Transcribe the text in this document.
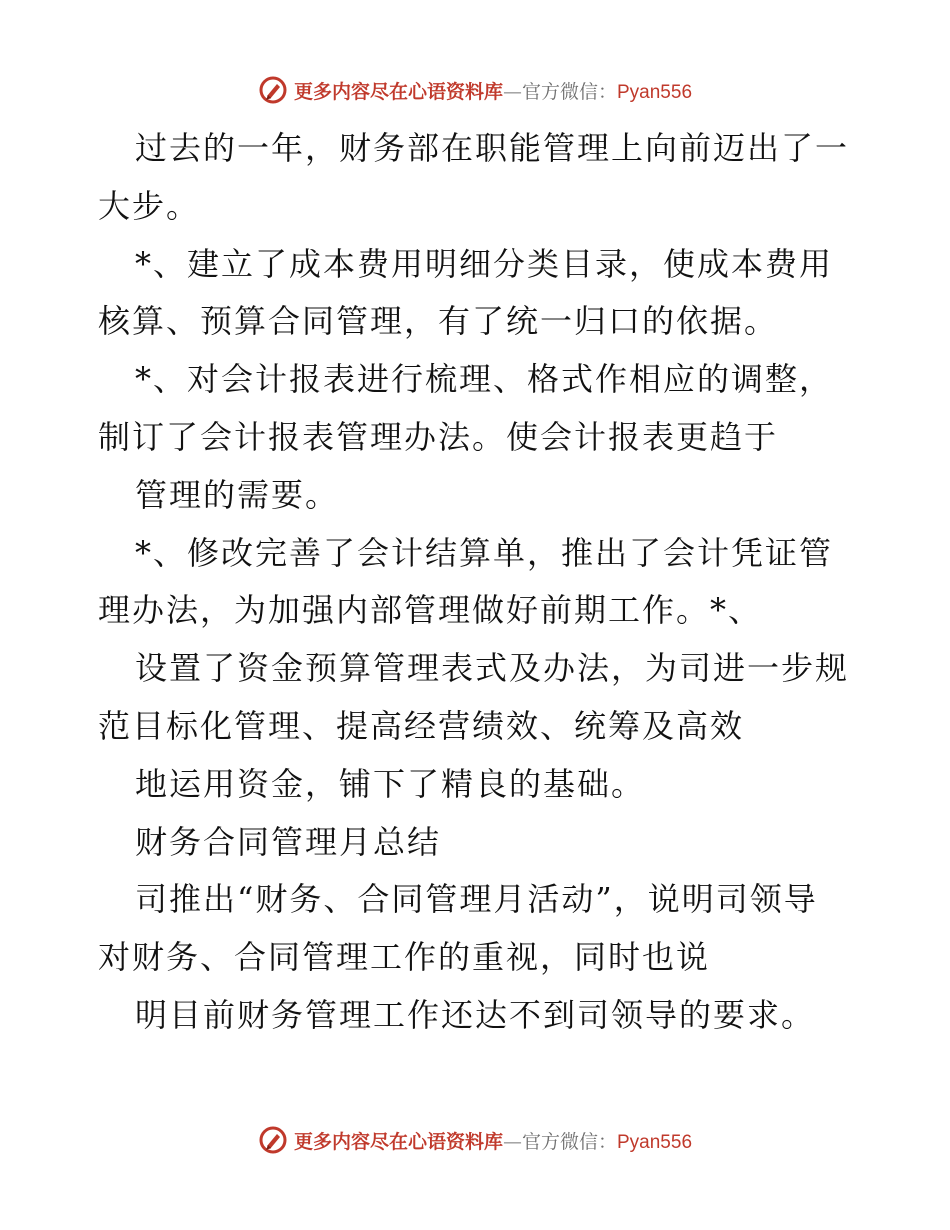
更多内容尽在心语资料库—官方微信：Pyan556
过去的一年，财务部在职能管理上向前迈出了一
大步。
*、建立了成本费用明细分类目录，使成本费用
核算、预算合同管理，有了统一归口的依据。
*、对会计报表进行梳理、格式作相应的调整，
制订了会计报表管理办法。使会计报表更趋于
管理的需要。
*、修改完善了会计结算单，推出了会计凭证管
理办法，为加强内部管理做好前期工作。*、
设置了资金预算管理表式及办法，为司进一步规
范目标化管理、提高经营绩效、统筹及高效
地运用资金，铺下了精良的基础。
财务合同管理月总结
司推出“财务、合同管理月活动”，说明司领导
对财务、合同管理工作的重视，同时也说
明目前财务管理工作还达不到司领导的要求。
更多内容尽在心语资料库—官方微信：Pyan556
